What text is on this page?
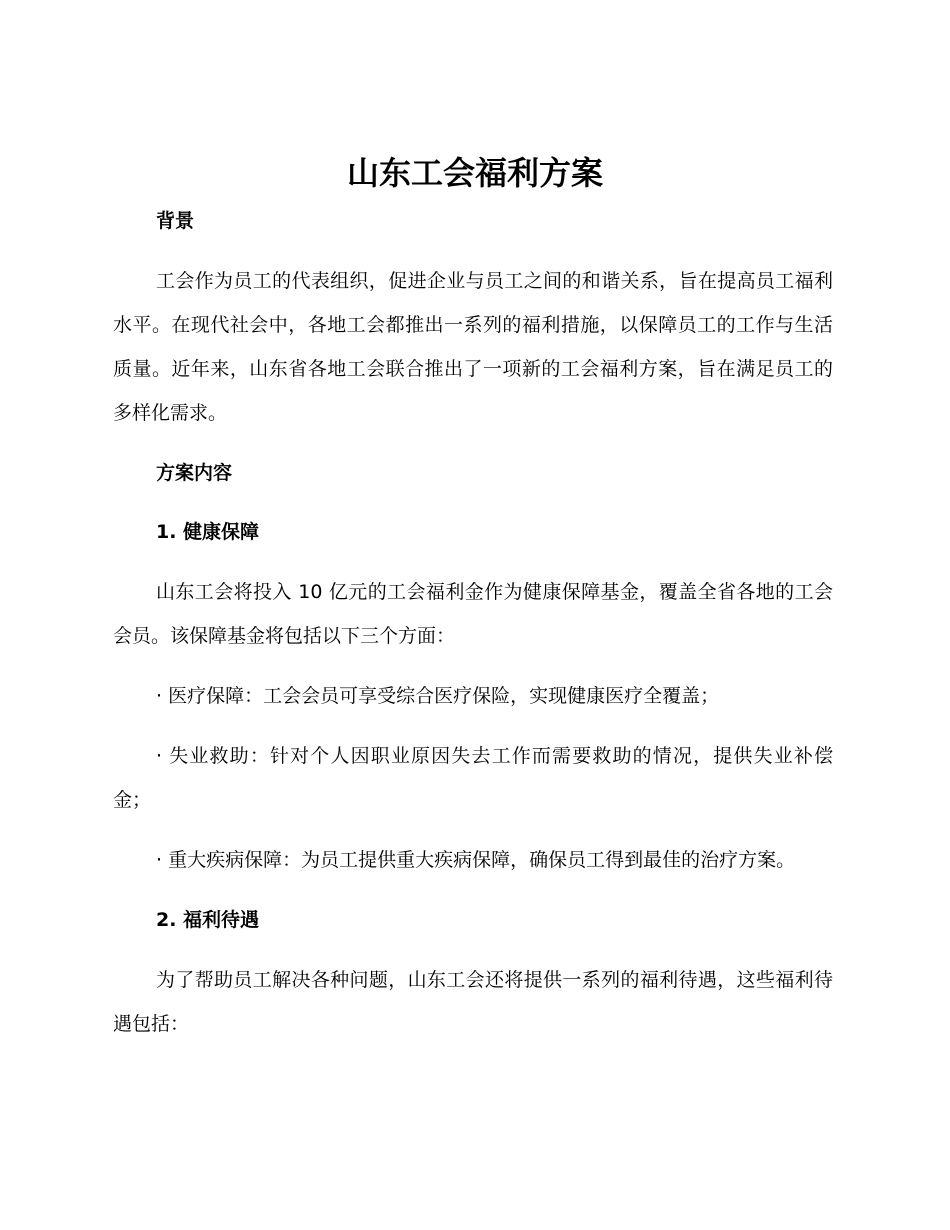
山东工会福利方案

背景

工会作为员工的代表组织，促进企业与员工之间的和谐关系，旨在提高员工福利水平。在现代社会中，各地工会都推出一系列的福利措施，以保障员工的工作与生活质量。近年来，山东省各地工会联合推出了一项新的工会福利方案，旨在满足员工的多样化需求。

方案内容

1. 健康保障

山东工会将投入 10 亿元的工会福利金作为健康保障基金，覆盖全省各地的工会会员。该保障基金将包括以下三个方面：

· 医疗保障：工会会员可享受综合医疗保险，实现健康医疗全覆盖；

· 失业救助：针对个人因职业原因失去工作而需要救助的情况，提供失业补偿金；

· 重大疾病保障：为员工提供重大疾病保障，确保员工得到最佳的治疗方案。

2. 福利待遇

为了帮助员工解决各种问题，山东工会还将提供一系列的福利待遇，这些福利待遇包括：
